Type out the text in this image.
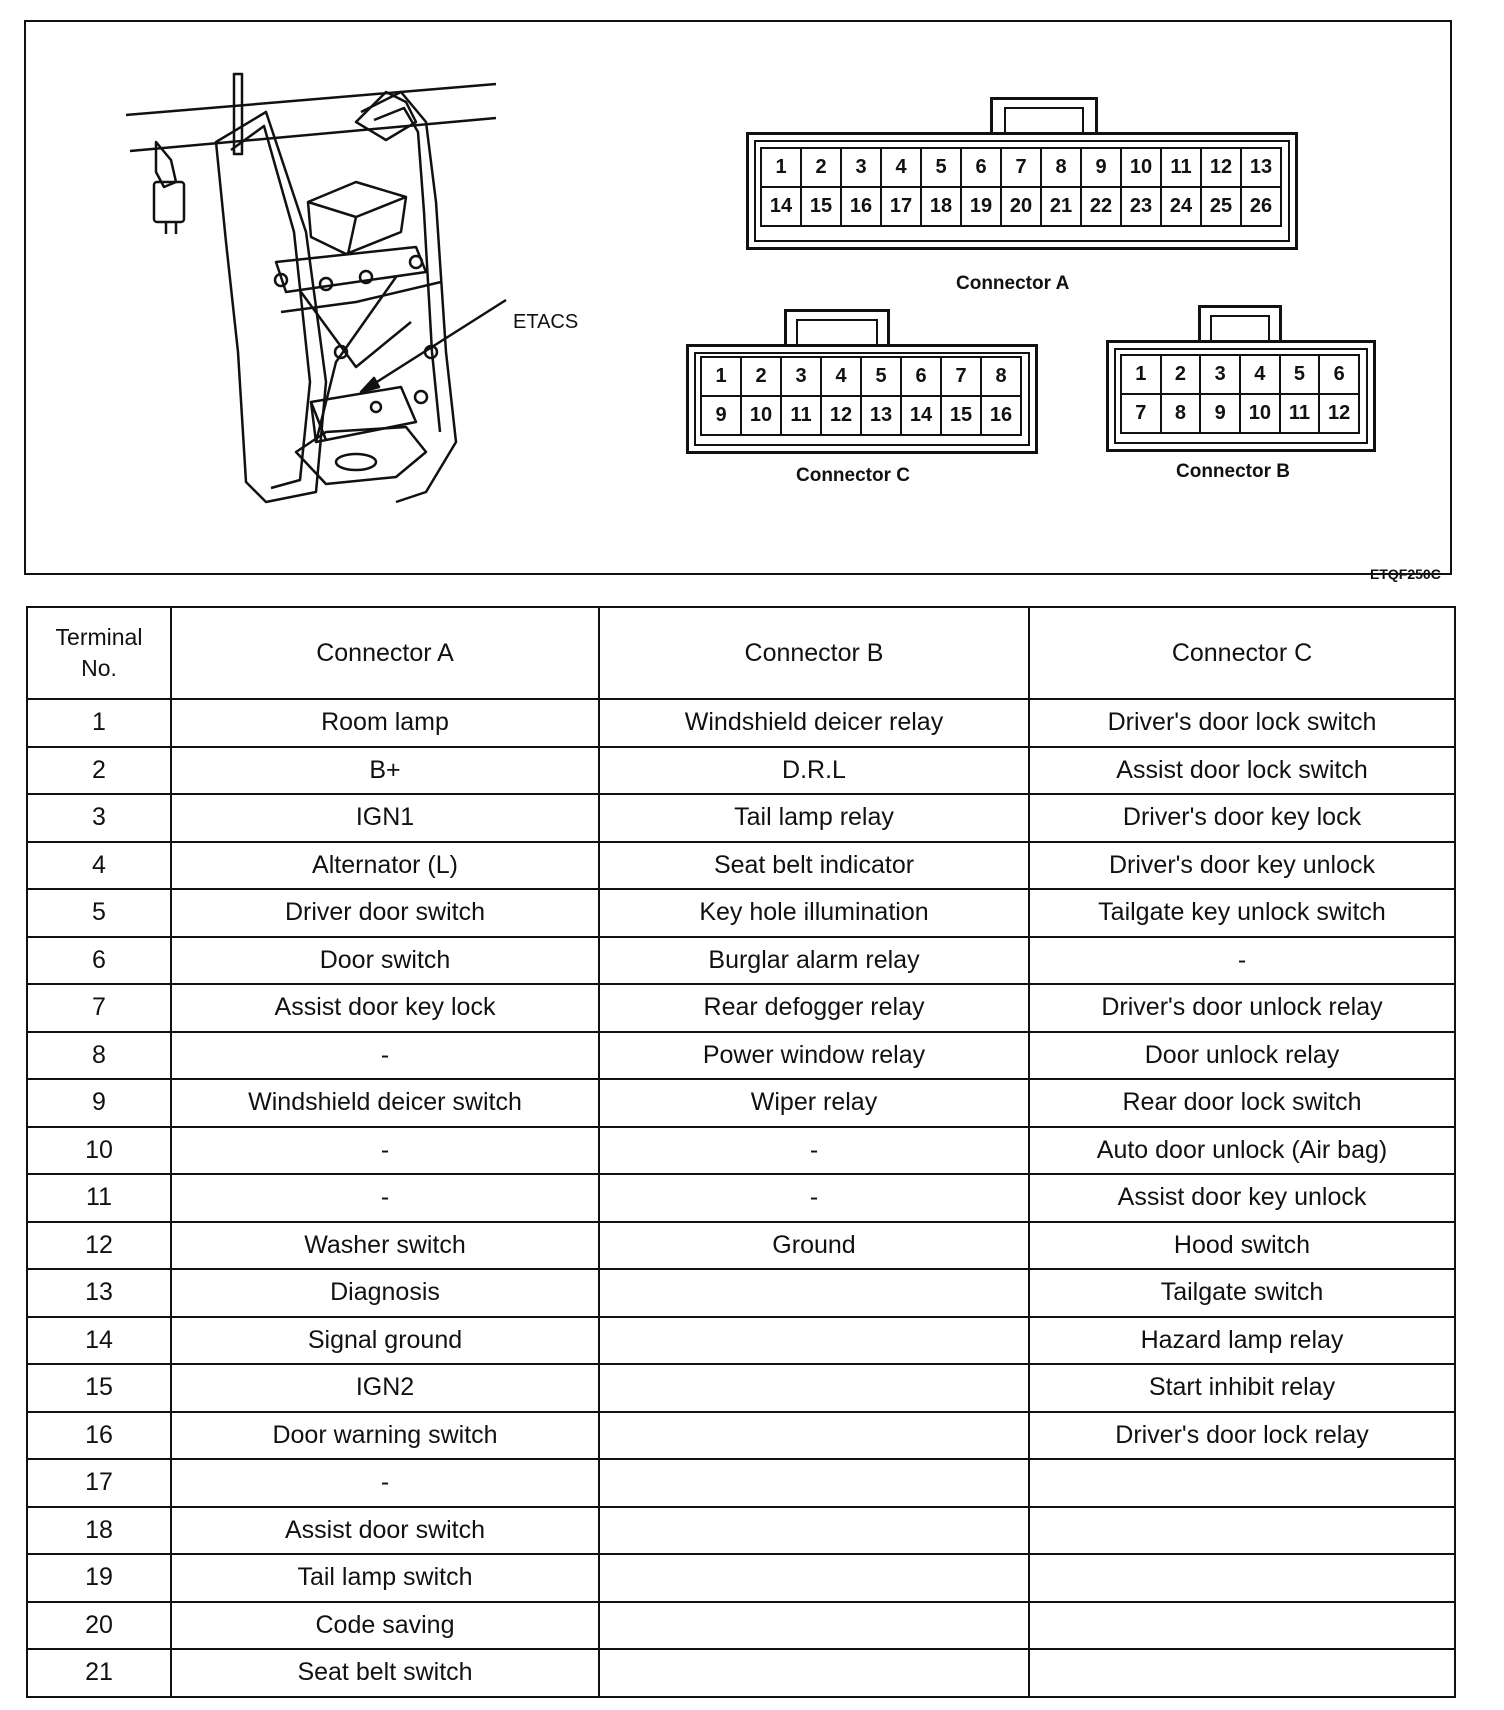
ETACS
1	2	3	4	5	6	7	8	9	10 11 12 13
14 15 16 17 18 19 20 21 22 23 24 25 26
Connector A
1	2	3	4	5	6	7	8
9	10 11 12 13 14 15 16
Connector C
1	2	3	4	5	6
7	8	9	10 11 12
Connector B
ETQF250C
Terminal
No.	Connector A	Connector B	Connector C
1	Room lamp	Windshield deicer relay	Driver's door lock switch
2	B+	D.R.L	Assist door lock switch
3	IGN1	Tail lamp relay	Driver's door key lock
4	Alternator (L)	Seat belt indicator	Driver's door key unlock
5	Driver door switch	Key hole illumination	Tailgate key unlock switch
6	Door switch	Burglar alarm relay	-
7	Assist door key lock	Rear defogger relay	Driver's door unlock relay
8	-	Power window relay	Door unlock relay
9	Windshield deicer switch	Wiper relay	Rear door lock switch
10	-	-	Auto door unlock (Air bag)
11	-	-	Assist door key unlock
12	Washer switch	Ground	Hood switch
13	Diagnosis		Tailgate switch
14	Signal ground		Hazard lamp relay
15	IGN2		Start inhibit relay
16	Door warning switch		Driver's door lock relay
17	-		
18	Assist door switch		
19	Tail lamp switch		
20	Code saving		
21	Seat belt switch		
